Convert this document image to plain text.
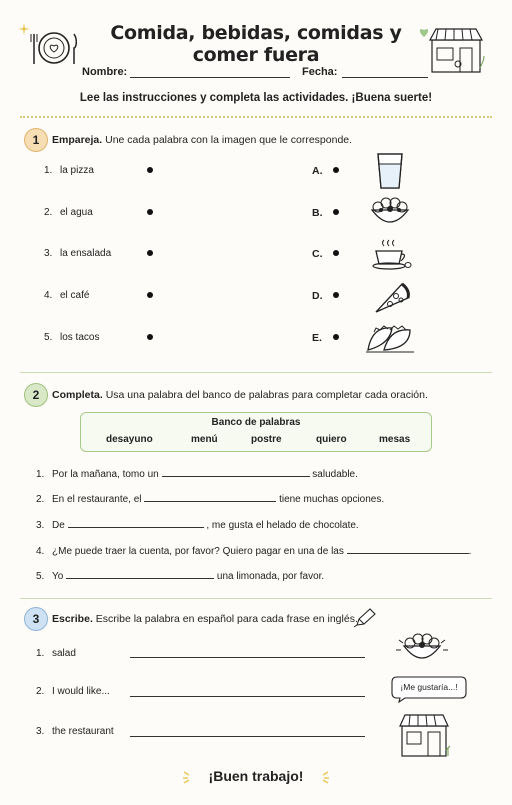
Comida, bebidas, comidas y comer fuera
Nombre:	Fecha:
Lee las instrucciones y completa las actividades. ¡Buena suerte!
1	Empareja. Une cada palabra con la imagen que le corresponde.
1. la pizza
2. el agua
3. la ensalada
4. el café
5. los tacos
A.
B.
C.
D.
E.
2	Completa. Usa una palabra del banco de palabras para completar cada oración.
Banco de palabras
desayuno	menú	postre	quiero	mesas
1. Por la mañana, tomo un	saludable.
2. En el restaurante, el	tiene muchas opciones.
3. De	, me gusta el helado de chocolate.
4. ¿Me puede traer la cuenta, por favor? Quiero pagar en una de las	.
5. Yo	una limonada, por favor.
3	Escribe. Escribe la palabra en español para cada frase en inglés.
1. salad
2. I would like...
3. the restaurant
¡Me gustaría...!
¡Buen trabajo!
